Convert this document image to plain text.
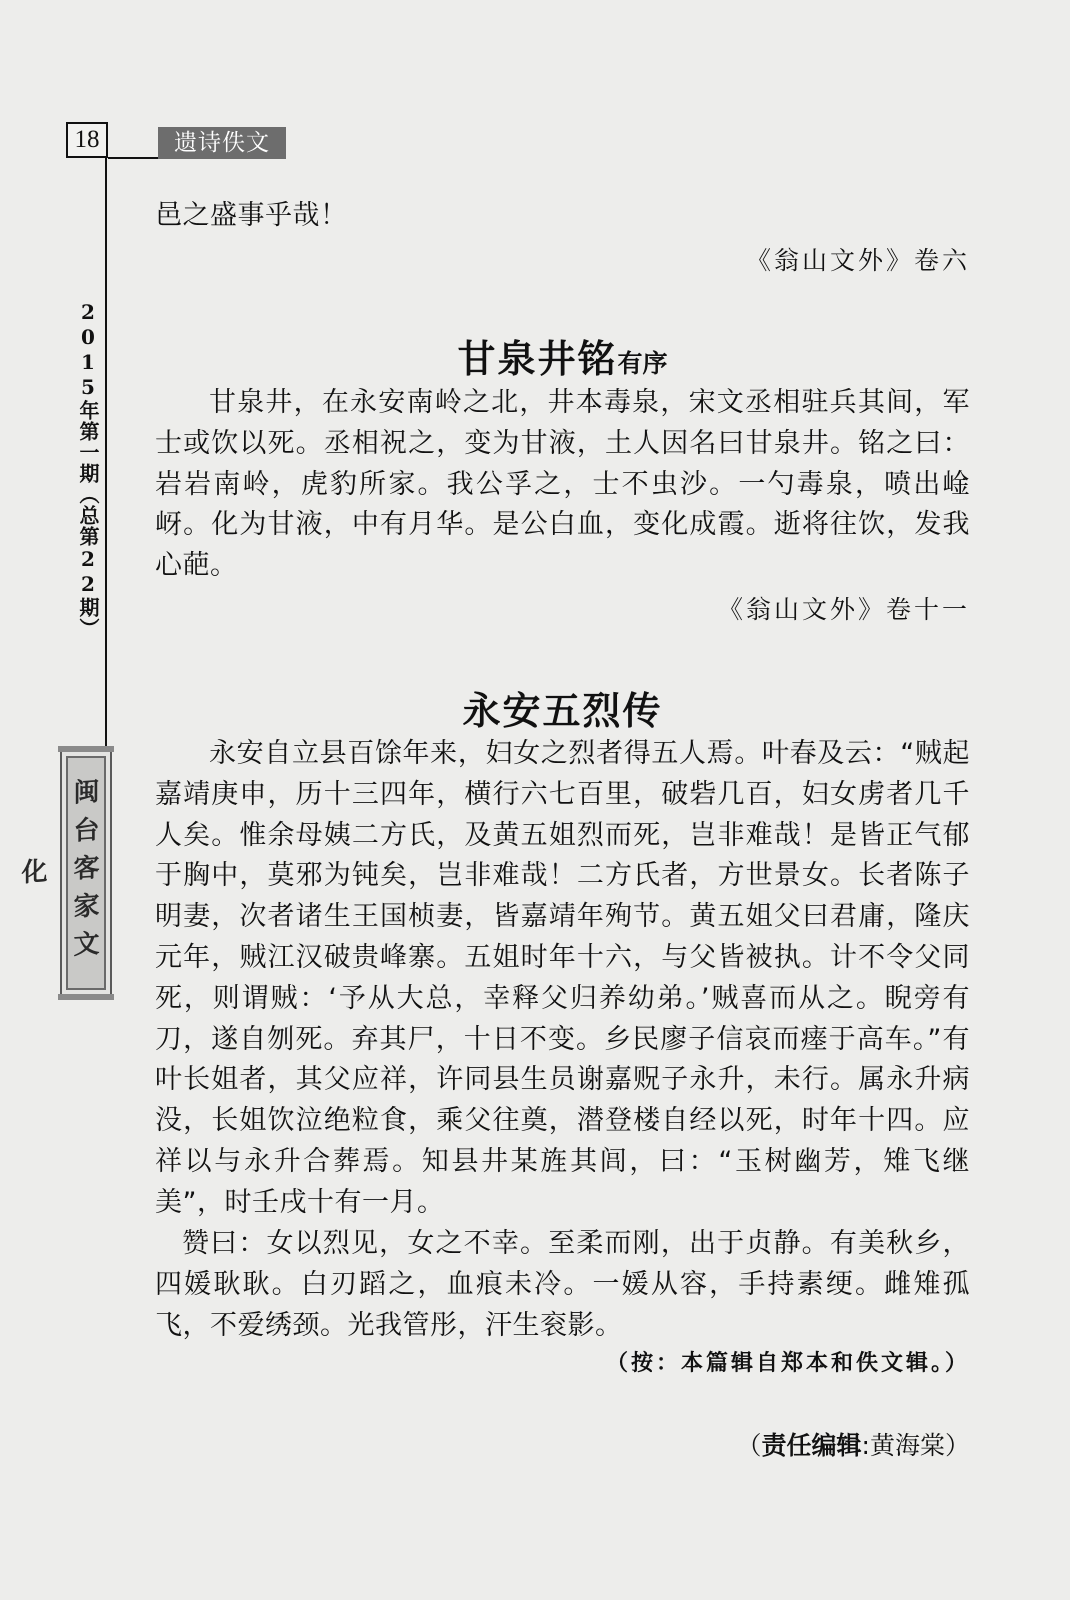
18	遗诗佚文
2015年第一期（总第22期）
闽台客家文化

邑之盛事乎哉！

《翁山文外》卷六
甘泉井铭有序

甘泉井，在永安南岭之北，井本毒泉，宋文丞相驻兵其间，军士或饮以死。丞相祝之，变为甘液，土人因名曰甘泉井。铭之曰：岩岩南岭，虎豹所家。我公孚之，士不虫沙。一勺毒泉，喷出崯岈。化为甘液，中有月华。是公白血，变化成霞。逝将往饮，发我心葩。

《翁山文外》卷十一
永安五烈传

永安自立县百馀年来，妇女之烈者得五人焉。叶春及云：“贼起嘉靖庚申，历十三四年，横行六七百里，破砦几百，妇女虏者几千人矣。惟余母姨二方氏，及黄五姐烈而死，岂非难哉！是皆正气郁于胸中，莫邪为钝矣，岂非难哉！二方氏者，方世景女。长者陈子明妻，次者诸生王国桢妻，皆嘉靖年殉节。黄五姐父曰君庸，隆庆元年，贼江汉破贵峰寨。五姐时年十六，与父皆被执。计不令父同死，则谓贼：‘予从大总，幸释父归养幼弟。’贼喜而从之。睨旁有刀，遂自刎死。弃其尸，十日不变。乡民廖子信哀而瘗于高车。”有叶长姐者，其父应祥，许同县生员谢嘉贶子永升，未行。属永升病没，长姐饮泣绝粒食，乘父往奠，潜登楼自经以死，时年十四。应祥以与永升合葬焉。知县井某旌其闾，曰：“玉树幽芳，雉飞继美”，时壬戌十有一月。

赞曰：女以烈见，女之不幸。至柔而刚，出于贞静。有美秋乡，四媛耿耿。白刃蹈之，血痕未冷。一媛从容，手持素绠。雌雉孤飞，不爱绣颈。光我管彤，汗生衮影。

（按：本篇辑自郑本和佚文辑。）
（责任编辑:黄海棠）
